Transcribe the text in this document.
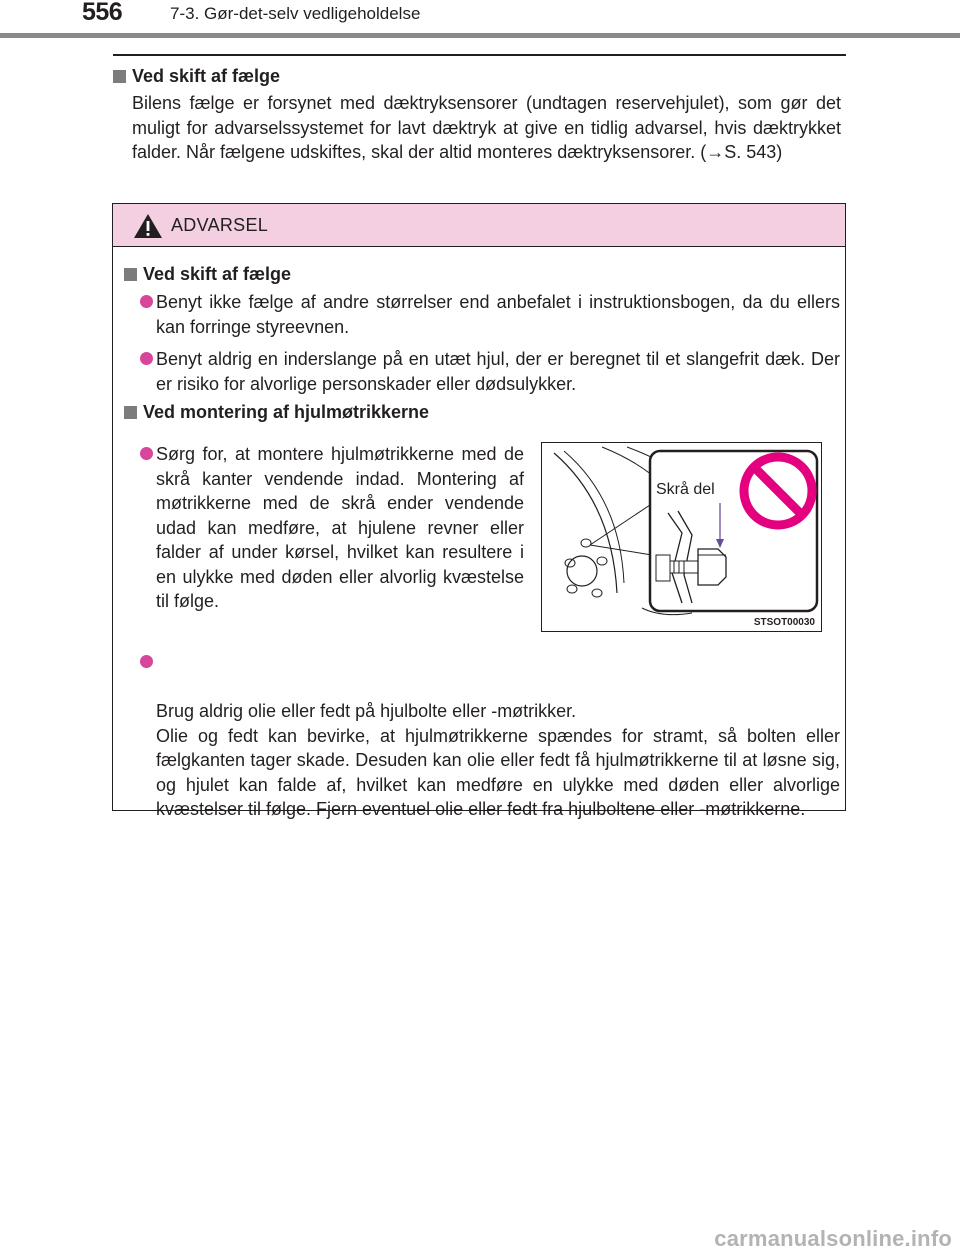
556	7-3. Gør-det-selv vedligeholdelse
Ved skift af fælge
Bilens fælge er forsynet med dæktryksensorer (undtagen reservehjulet), som gør det muligt for advarselssystemet for lavt dæktryk at give en tidlig advarsel, hvis dæktrykket falder. Når fælgene udskiftes, skal der altid monteres dæktryksensorer. (→S. 543)
ADVARSEL
Ved skift af fælge
Benyt ikke fælge af andre størrelser end anbefalet i instruktionsbogen, da du ellers kan forringe styreevnen.
Benyt aldrig en inderslange på en utæt hjul, der er beregnet til et slangefrit dæk. Der er risiko for alvorlige personskader eller dødsulykker.
Ved montering af hjulmøtrikkerne
Sørg for, at montere hjulmøtrikkerne med de skrå kanter vendende indad. Montering af møtrikkerne med de skrå ender vendende udad kan medføre, at hjulene revner eller falder af under kørsel, hvilket kan resultere i en ulykke med døden eller alvorlig kvæstelse til følge.
Skrå del
STSOT00030

Brug aldrig olie eller fedt på hjulbolte eller -møtrikker.
Olie og fedt kan bevirke, at hjulmøtrikkerne spændes for stramt, så bolten eller fælgkanten tager skade. Desuden kan olie eller fedt få hjulmøtrikkerne til at løsne sig, og hjulet kan falde af, hvilket kan medføre en ulykke med døden eller alvorlige kvæstelser til følge. Fjern eventuel olie eller fedt fra hjulboltene eller -møtrikkerne.

carmanualsonline.info
